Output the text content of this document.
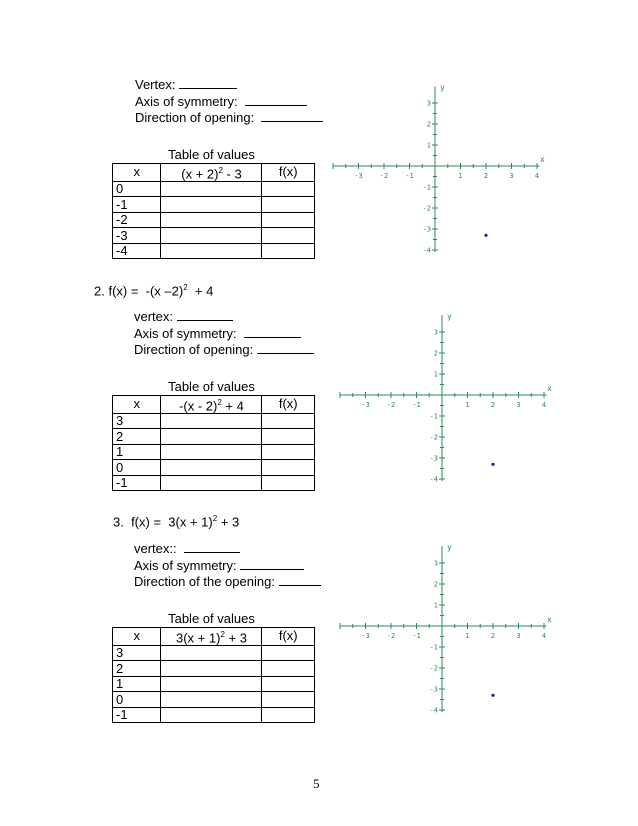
Vertex:
Axis of symmetry:
Direction of opening:
	Table of values	
x	$(x + 2)^2 - 3$	f(x)
0		
-1		
-2		
-3		
-4		
-3 -2 -1	1	2	3	4
3
2
1
-1
-2
-3
-4
x
y
2. f(x) =  -(x –2)$^2$  + 4
vertex:
Axis of symmetry:
Direction of opening:
	Table of values	
x	-(x - 2)$^2$ + 4	f(x)
3		
2		
1		
0		
-1		
-3 -2 -1	1	2	3	4
3
2
1
-1
-2
-3
-4
x
y
3.  $f(x) = 3(x + 1)^2 + 3$
vertex::
Axis of symmetry:
Direction of the opening:
	Table of values	
x	$3(x + 1)^2 + 3$	f(x)
3		
2		
1		
0		
-1		
-3 -2 -1	1	2	3	4
3
2
1
-1
-2
-3
-4
x
y
5
